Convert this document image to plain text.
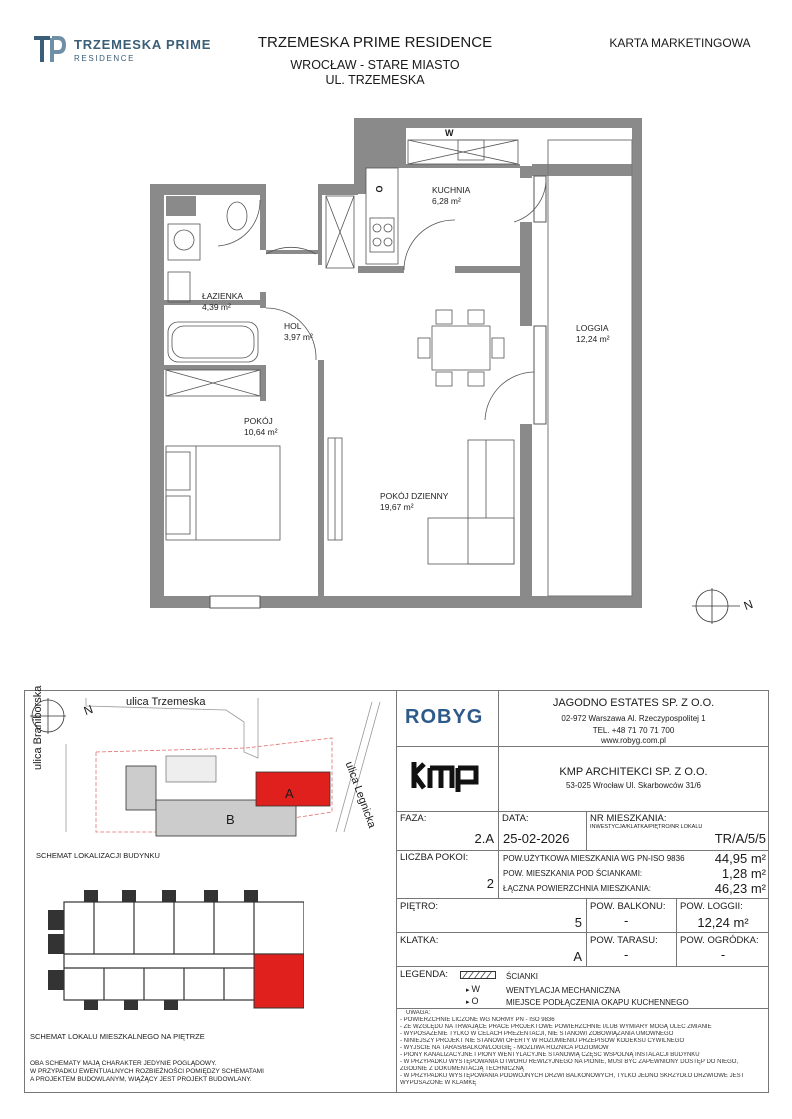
TRZEMESKA PRIME
RESIDENCE
TRZEMESKA PRIME RESIDENCE
WROCŁAW - STARE MIASTO
UL. TRZEMESKA
KARTA MARKETINGOWA
KUCHNIA
6,28 m²
ŁAZIENKA
4,39 m²
HOL
3,97 m²
LOGGIA
12,24 m²
POKÓJ
10,64 m²
POKÓJ DZIENNY
19,67 m²
W
O
N
ROBYG
JAGODNO ESTATES SP. Z O.O.
02-972 Warszawa Al. Rzeczypospolitej 1
TEL. +48 71 70 71 700
www.robyg.com.pl
KMP ARCHITEKCI SP. Z O.O.
53-025 Wrocław Ul. Skarbowców 31/6
FAZA:
2.A
DATA:
25-02-2026
NR MIESZKANIA:
INWESTYCJA/KLATKA/PIĘTRO/NR LOKALU
TR/A/5/5
LICZBA POKOI:
2
POW.UŻYTKOWA MIESZKANIA WG PN-ISO 9836	44,95 m²
POW. MIESZKANIA POD ŚCIANKAMI:	1,28 m²
ŁĄCZNA POWIERZCHNIA MIESZKANIA:	46,23 m²
PIĘTRO:
5
POW. BALKONU:
-
POW. LOGGII:
12,24 m²
KLATKA:
A
POW. TARASU:
-
POW. OGRÓDKA:
-
LEGENDA:	ŚCIANKI
▸ W	WENTYLACJA MECHANICZNA
▸ O	MIEJSCE PODŁĄCZENIA OKAPU KUCHENNEGO
UWAGA:
- POWIERZCHNIE LICZONE WG NORMY PN - ISO 9836
- ZE WZGLĘDU NA TRWAJĄCE PRACE PROJEKTOWE POWIERZCHNIE I/LUB WYMIARY MOGĄ ULEC ZMIANIE
- WYPOSAŻENIE TYLKO W CELACH PREZENTACJI, NIE STANOWI ZOBOWIĄZANIA UMOWNEGO
- NINIEJSZY PROJEKT NIE STANOWI OFERTY W ROZUMIENIU PRZEPISÓW KODEKSU CYWILNEGO
- WYJŚCIE NA TARAS/BALKON/LOGGIĘ - MOŻLIWA RÓŻNICA POZIOMÓW
- PIONY KANALIZACYJNE I PIONY WENTYLACYJNE STANOWIĄ CZĘŚĆ WSPÓLNĄ INSTALACJI BUDYNKU
- W PRZYPADKU WYSTĘPOWANIA OTWORU REWIZYJNEGO NA PIONIE, MUSI BYĆ ZAPEWNIONY DOSTĘP DO NIEGO,
ZGODNIE Z DOKUMENTACJĄ TECHNICZNĄ
- W PRZYPADKU WYSTĘPOWANIA PODWÓJNYCH DRZWI BALKONOWYCH, TYLKO JEDNO SKRZYDŁO DRZWIOWE JEST
WYPOSAŻONE W KLAMKĘ
ulica Trzemeska
ulica Braniborska
ulica Legnicka
N
B
A
SCHEMAT LOKALIZACJI BUDYNKU
SCHEMAT LOKALU MIESZKALNEGO NA PIĘTRZE
OBA SCHEMATY MAJĄ CHARAKTER JEDYNIE POGLĄDOWY.
W PRZYPADKU EWENTUALNYCH ROZBIEŻNOŚCI POMIĘDZY SCHEMATAMI
A PROJEKTEM BUDOWLANYM, WIĄŻĄCY JEST PROJEKT BUDOWLANY.
